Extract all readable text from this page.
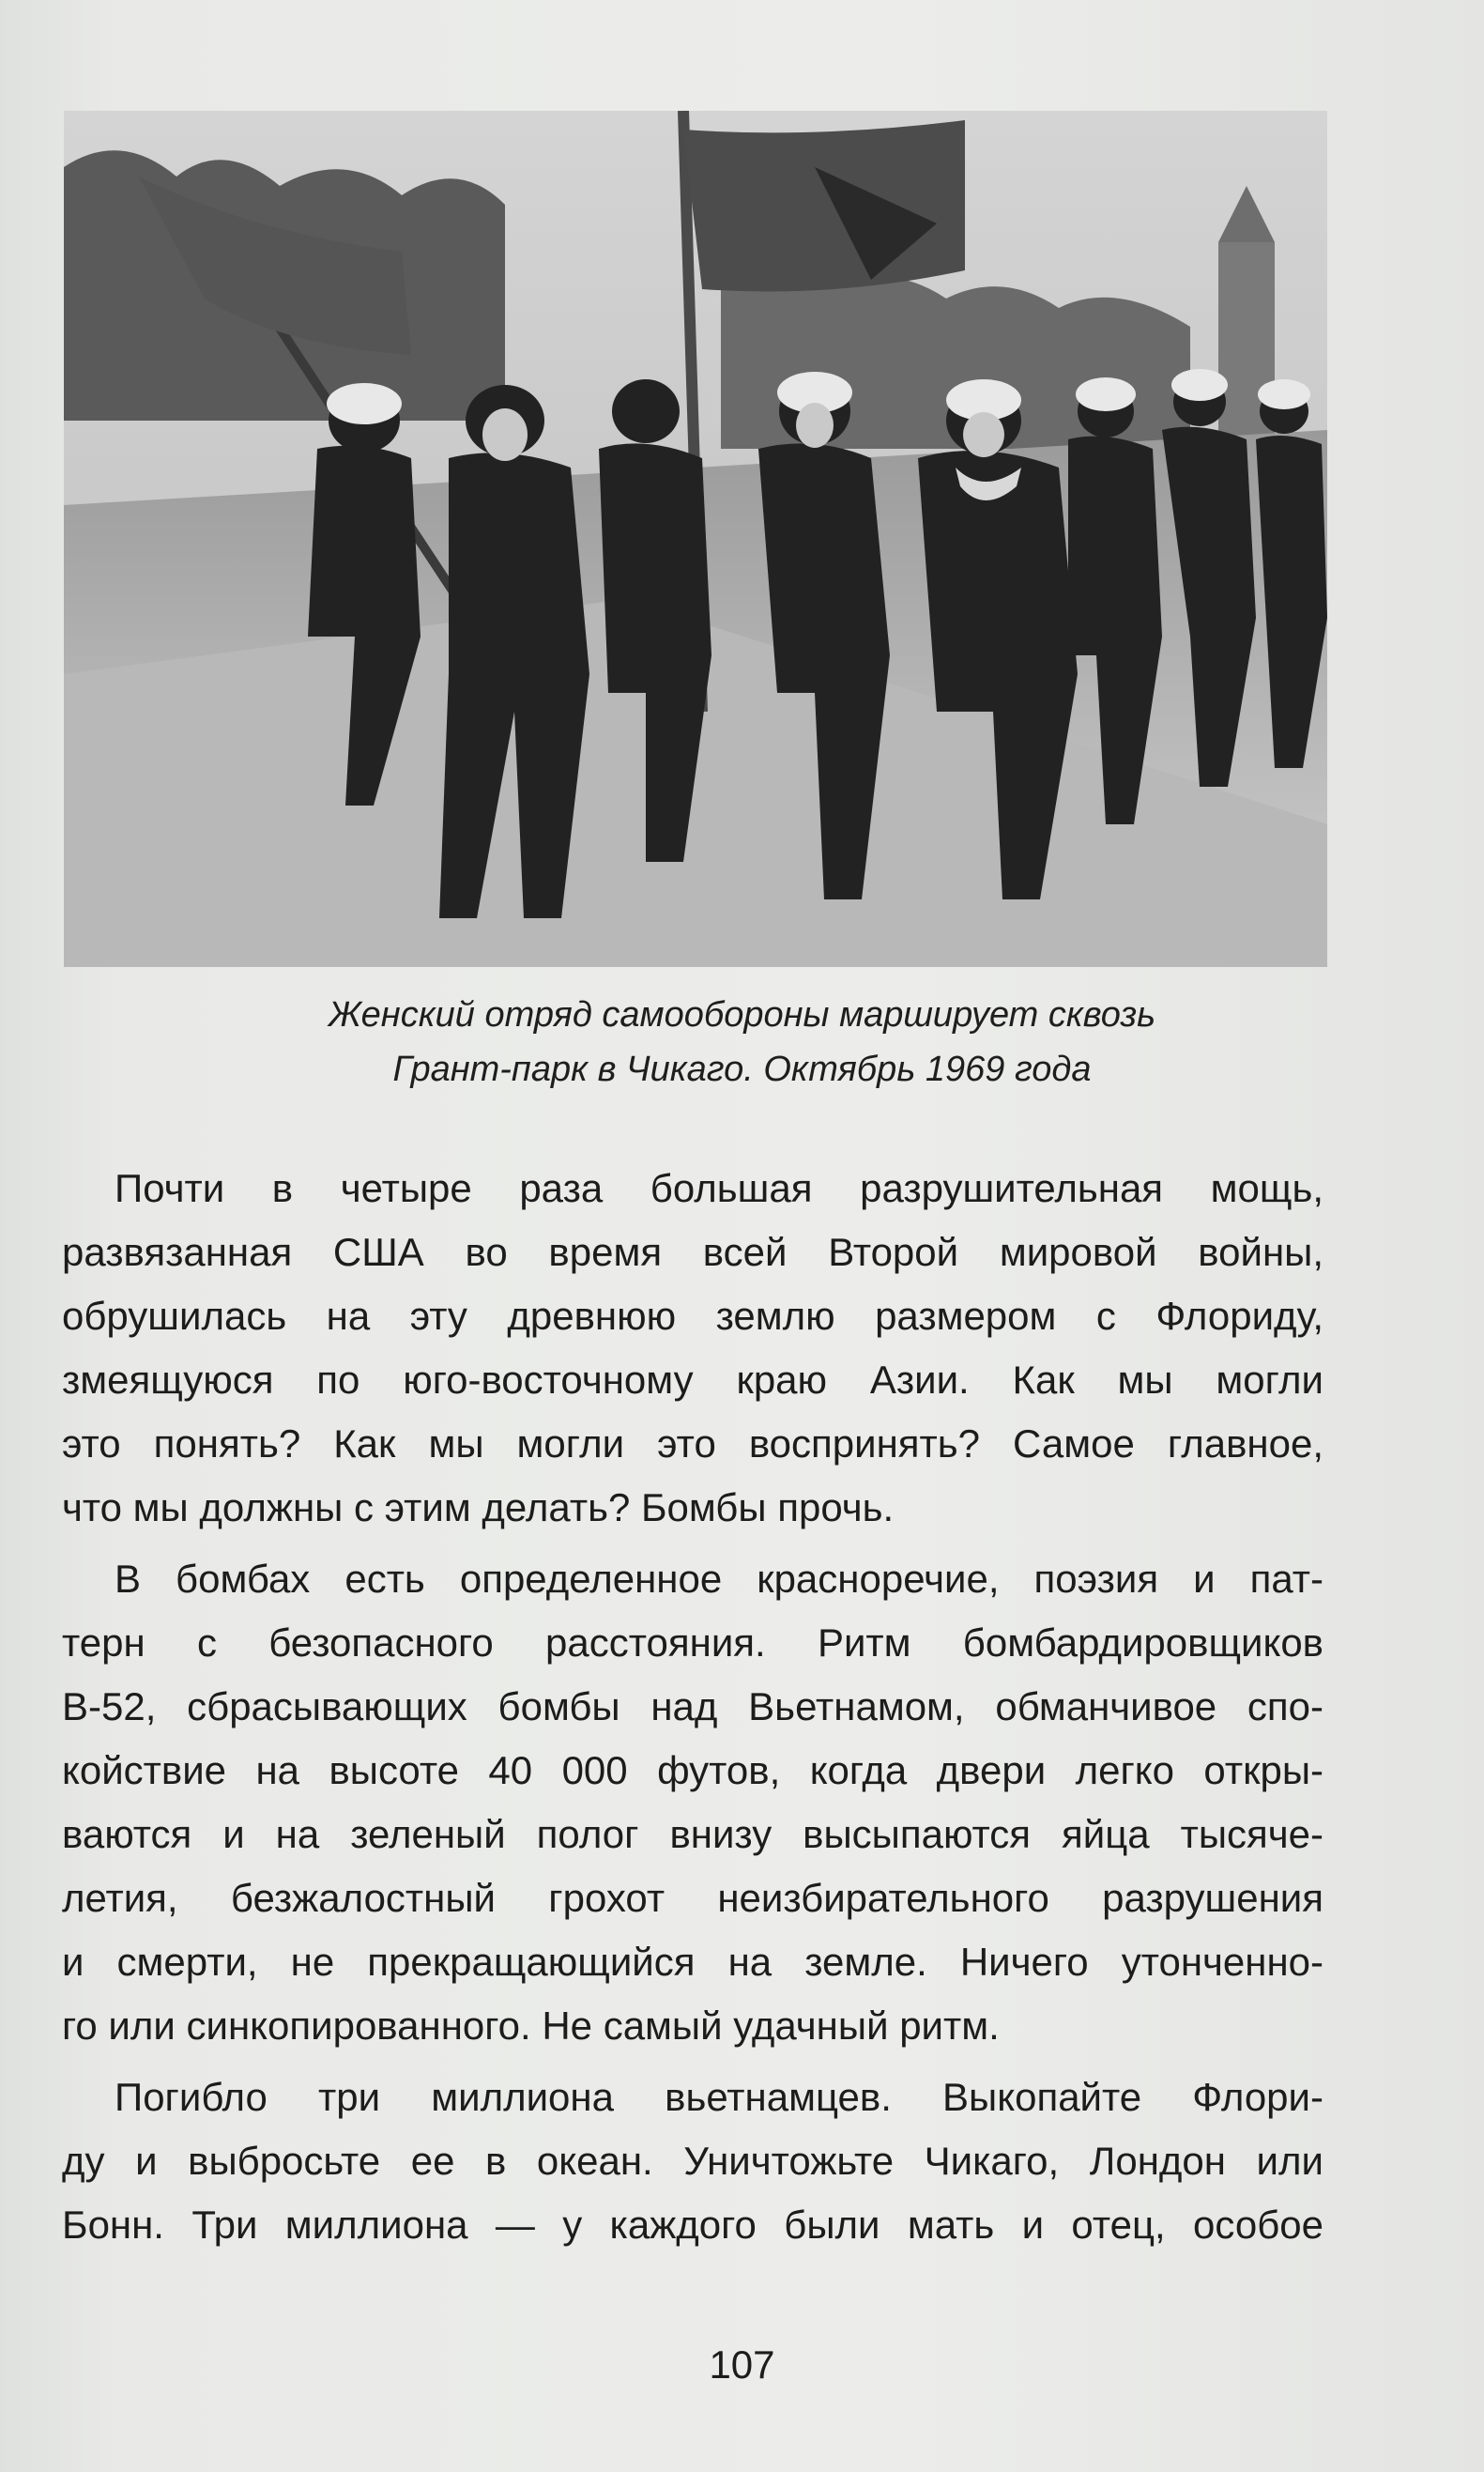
Женский отряд самообороны марширует сквозь
Грант-парк в Чикаго. Октябрь 1969 года
Почти в четыре раза большая разрушительная мощь,
развязанная США во время всей Второй мировой войны,
обрушилась на эту древнюю землю размером с Флориду,
змеящуюся по юго-восточному краю Азии. Как мы могли
это понять? Как мы могли это воспринять? Самое главное,
что мы должны с этим делать? Бомбы прочь.
В бомбах есть определенное красноречие, поэзия и пат-
терн с безопасного расстояния. Ритм бомбардировщиков
B-52, сбрасывающих бомбы над Вьетнамом, обманчивое спо-
койствие на высоте 40 000 футов, когда двери легко откры-
ваются и на зеленый полог внизу высыпаются яйца тысяче-
летия, безжалостный грохот неизбирательного разрушения
и смерти, не прекращающийся на земле. Ничего утонченно-
го или синкопированного. Не самый удачный ритм.
Погибло три миллиона вьетнамцев. Выкопайте Флори-
ду и выбросьте ее в океан. Уничтожьте Чикаго, Лондон или
Бонн. Три миллиона — у каждого были мать и отец, особое
107
